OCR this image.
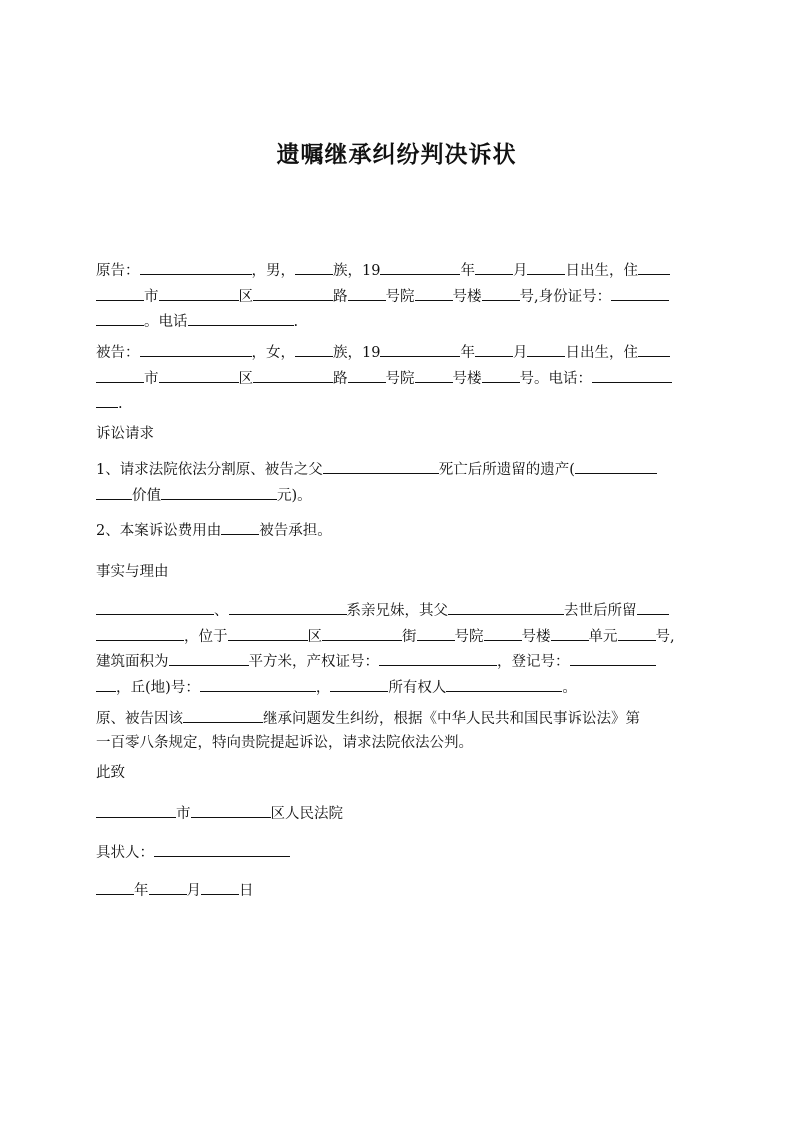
遗嘱继承纠纷判决诉状
原告：	，男，	族，19	年	月	日出生，住
市	区	路	号院	号楼	号,身份证号：
。电话	.
被告：	，女，	族，19	年	月	日出生，住
市	区	路	号院	号楼	号。电话：
.
诉讼请求
1、请求法院依法分割原、被告之父	死亡后所遗留的遗产(
价值	元)。
2、本案诉讼费用由	被告承担。
事实与理由
、	系亲兄妹，其父	去世后所留
，位于	区	街	号院	号楼	单元	号,
建筑面积为	平方米，产权证号：	，登记号：
，丘(地)号：	，	所有权人	。
原、被告因该	继承问题发生纠纷，根据《中华人民共和国民事诉讼法》第
一百零八条规定，特向贵院提起诉讼，请求法院依法公判。
此致
市	区人民法院
具状人：
年	月	日
